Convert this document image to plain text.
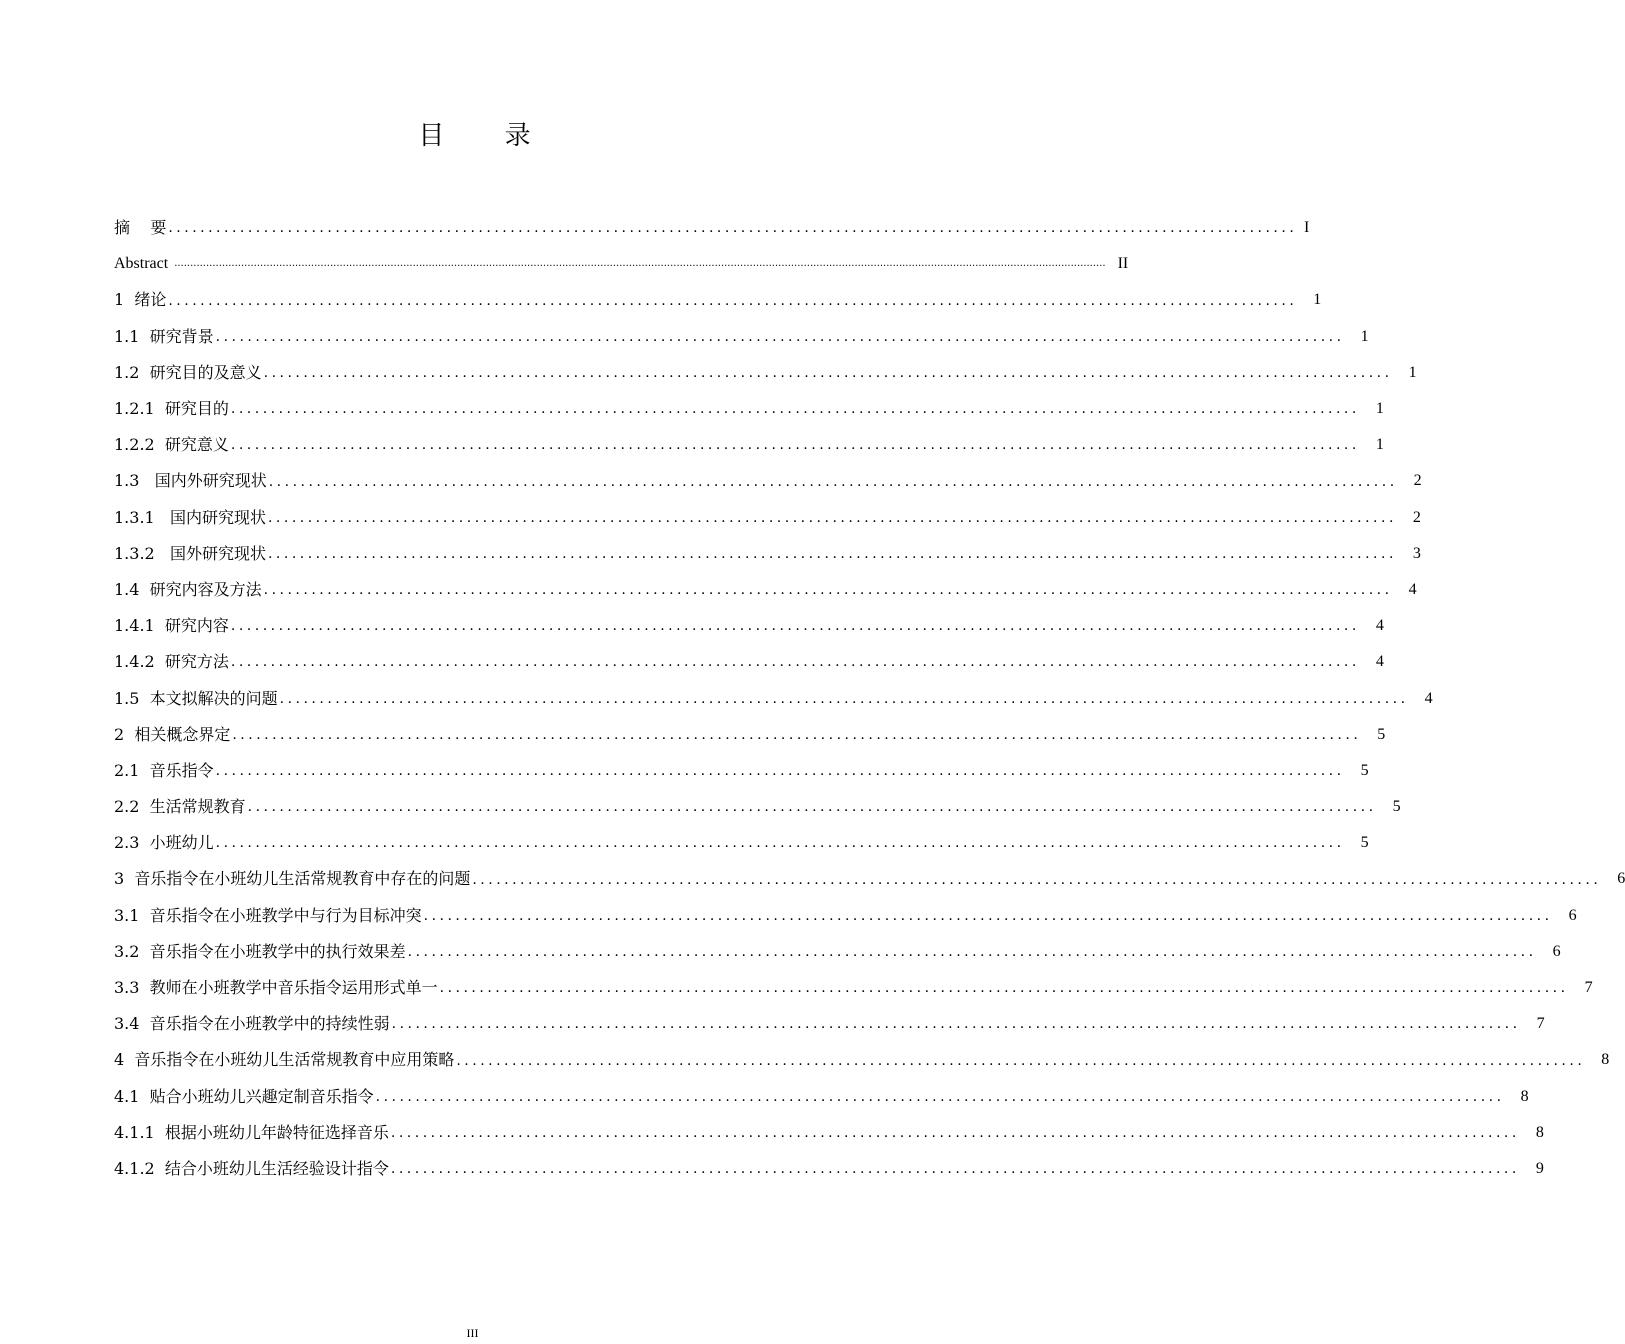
目 录
摘    要 .............................................................................................................................................. I
Abstract ..................................................................................................................................................................................................................................................................................................... II
1  绪论 .............................................................................................................................................. 1
1.1  研究背景 .............................................................................................................................................. 1
1.2  研究目的及意义 .............................................................................................................................................. 1
1.2.1  研究目的 .............................................................................................................................................. 1
1.2.2  研究意义 .............................................................................................................................................. 1
1.3   国内外研究现状 .............................................................................................................................................. 2
1.3.1   国内研究现状 .............................................................................................................................................. 2
1.3.2   国外研究现状 .............................................................................................................................................. 3
1.4  研究内容及方法 .............................................................................................................................................. 4
1.4.1  研究内容 .............................................................................................................................................. 4
1.4.2  研究方法 .............................................................................................................................................. 4
1.5  本文拟解决的问题 .............................................................................................................................................. 4
2  相关概念界定 .............................................................................................................................................. 5
2.1  音乐指令 .............................................................................................................................................. 5
2.2  生活常规教育 .............................................................................................................................................. 5
2.3  小班幼儿 .............................................................................................................................................. 5
3  音乐指令在小班幼儿生活常规教育中存在的问题 .............................................................................................................................................. 6
3.1  音乐指令在小班教学中与行为目标冲突 .............................................................................................................................................. 6
3.2  音乐指令在小班教学中的执行效果差 .............................................................................................................................................. 6
3.3  教师在小班教学中音乐指令运用形式单一 .............................................................................................................................................. 7
3.4  音乐指令在小班教学中的持续性弱 .............................................................................................................................................. 7
4  音乐指令在小班幼儿生活常规教育中应用策略 .............................................................................................................................................. 8
4.1  贴合小班幼儿兴趣定制音乐指令 .............................................................................................................................................. 8
4.1.1  根据小班幼儿年龄特征选择音乐 .............................................................................................................................................. 8
4.1.2  结合小班幼儿生活经验设计指令 .............................................................................................................................................. 9
III
